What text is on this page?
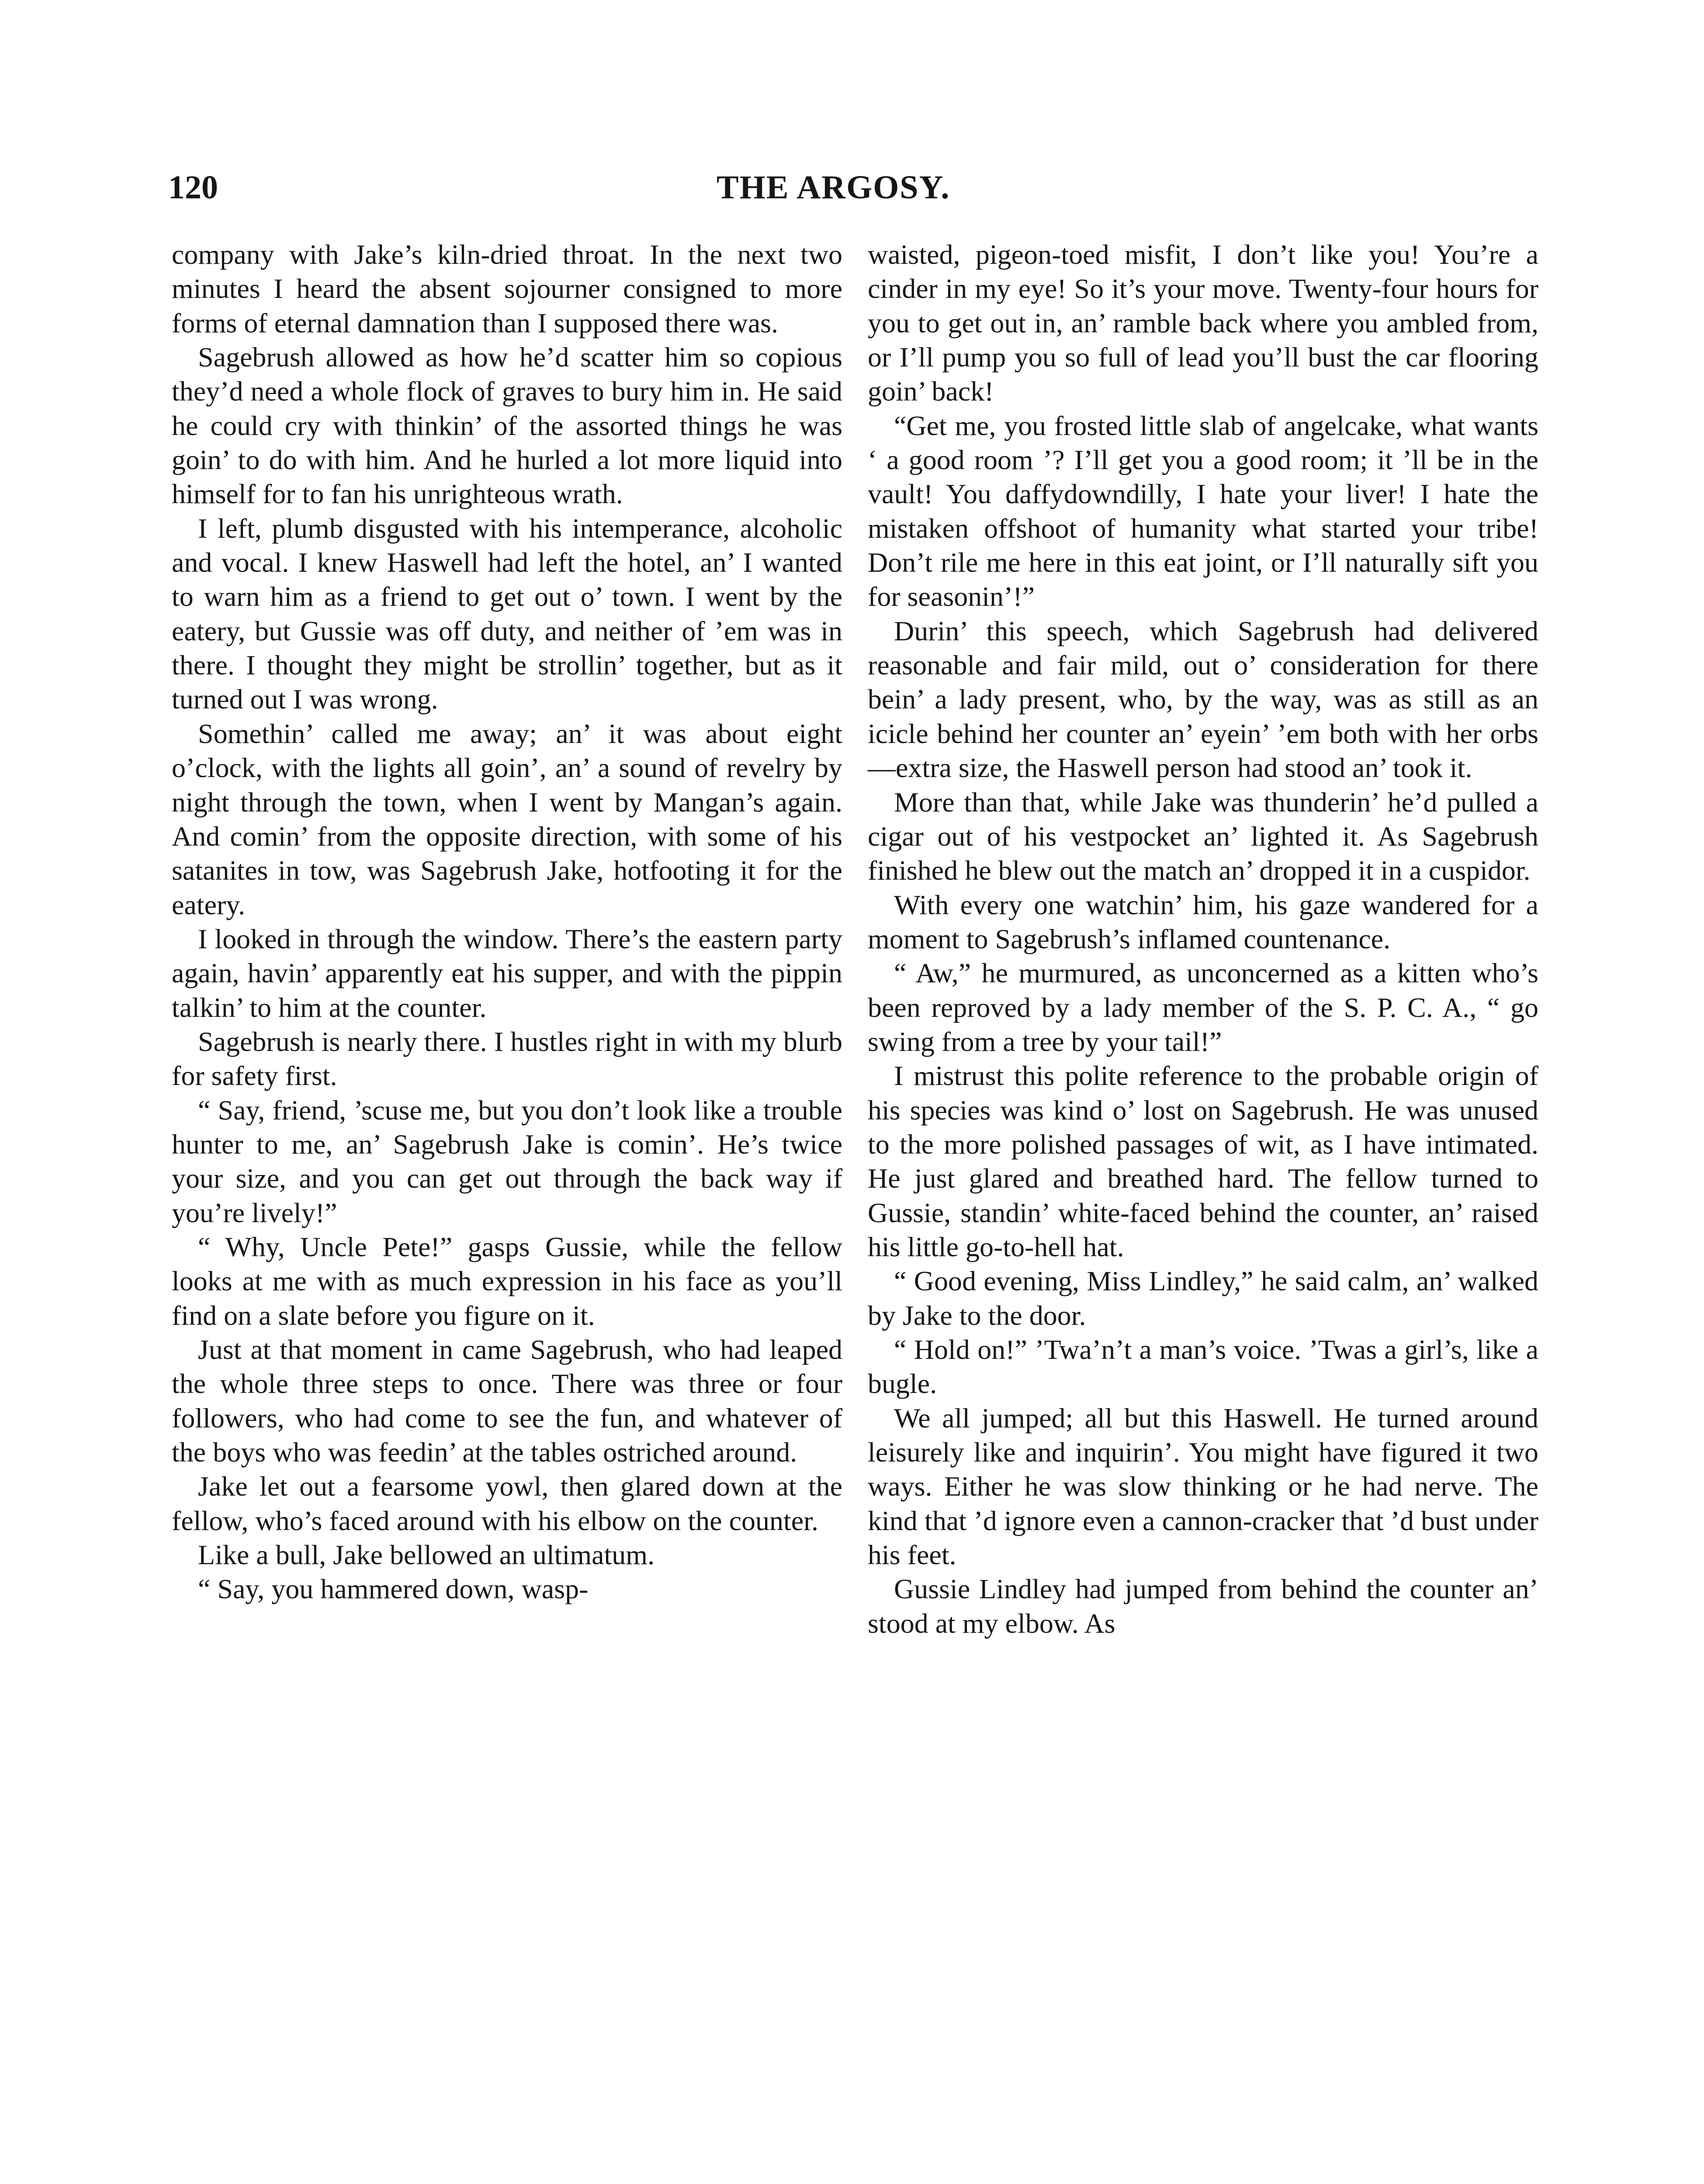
120	THE ARGOSY.

company with Jake’s kiln-dried throat. In the next two minutes I heard the absent sojourner consigned to more forms of eternal damnation than I supposed there was.

Sagebrush allowed as how he’d scatter him so copious they’d need a whole flock of graves to bury him in. He said he could cry with thinkin’ of the assorted things he was goin’ to do with him. And he hurled a lot more liquid into himself for to fan his unrighteous wrath.

I left, plumb disgusted with his intemperance, alcoholic and vocal. I knew Haswell had left the hotel, an’ I wanted to warn him as a friend to get out o’ town. I went by the eatery, but Gussie was off duty, and neither of ’em was in there. I thought they might be strollin’ together, but as it turned out I was wrong.

Somethin’ called me away; an’ it was about eight o’clock, with the lights all goin’, an’ a sound of revelry by night through the town, when I went by Mangan’s again. And comin’ from the opposite direction, with some of his satanites in tow, was Sagebrush Jake, hotfooting it for the eatery.

I looked in through the window. There’s the eastern party again, havin’ apparently eat his supper, and with the pippin talkin’ to him at the counter.

Sagebrush is nearly there. I hustles right in with my blurb for safety first.

“ Say, friend, ’scuse me, but you don’t look like a trouble hunter to me, an’ Sagebrush Jake is comin’. He’s twice your size, and you can get out through the back way if you’re lively!”

“ Why, Uncle Pete!” gasps Gussie, while the fellow looks at me with as much expression in his face as you’ll find on a slate before you figure on it.

Just at that moment in came Sagebrush, who had leaped the whole three steps to once. There was three or four followers, who had come to see the fun, and whatever of the boys who was feedin’ at the tables ostriched around.

Jake let out a fearsome yowl, then glared down at the fellow, who’s faced around with his elbow on the counter.

Like a bull, Jake bellowed an ultimatum.

“ Say, you hammered down, wasp-

waisted, pigeon-toed misfit, I don’t like you! You’re a cinder in my eye! So it’s your move. Twenty-four hours for you to get out in, an’ ramble back where you ambled from, or I’ll pump you so full of lead you’ll bust the car flooring goin’ back!

“Get me, you frosted little slab of angelcake, what wants ‘ a good room ’? I’ll get you a good room; it ’ll be in the vault! You daffydowndilly, I hate your liver! I hate the mistaken offshoot of humanity what started your tribe! Don’t rile me here in this eat joint, or I’ll naturally sift you for seasonin’!”

Durin’ this speech, which Sagebrush had delivered reasonable and fair mild, out o’ consideration for there bein’ a lady present, who, by the way, was as still as an icicle behind her counter an’ eyein’ ’em both with her orbs—extra size, the Haswell person had stood an’ took it.

More than that, while Jake was thunderin’ he’d pulled a cigar out of his vestpocket an’ lighted it. As Sagebrush finished he blew out the match an’ dropped it in a cuspidor.

With every one watchin’ him, his gaze wandered for a moment to Sagebrush’s inflamed countenance.

“ Aw,” he murmured, as unconcerned as a kitten who’s been reproved by a lady member of the S. P. C. A., “ go swing from a tree by your tail!”

I mistrust this polite reference to the probable origin of his species was kind o’ lost on Sagebrush. He was unused to the more polished passages of wit, as I have intimated. He just glared and breathed hard. The fellow turned to Gussie, standin’ white-faced behind the counter, an’ raised his little go-to-hell hat.

“ Good evening, Miss Lindley,” he said calm, an’ walked by Jake to the door.

“ Hold on!” ’Twa’n’t a man’s voice. ’Twas a girl’s, like a bugle.

We all jumped; all but this Haswell. He turned around leisurely like and inquirin’. You might have figured it two ways. Either he was slow thinking or he had nerve. The kind that ’d ignore even a cannon-cracker that ’d bust under his feet.

Gussie Lindley had jumped from behind the counter an’ stood at my elbow. As
